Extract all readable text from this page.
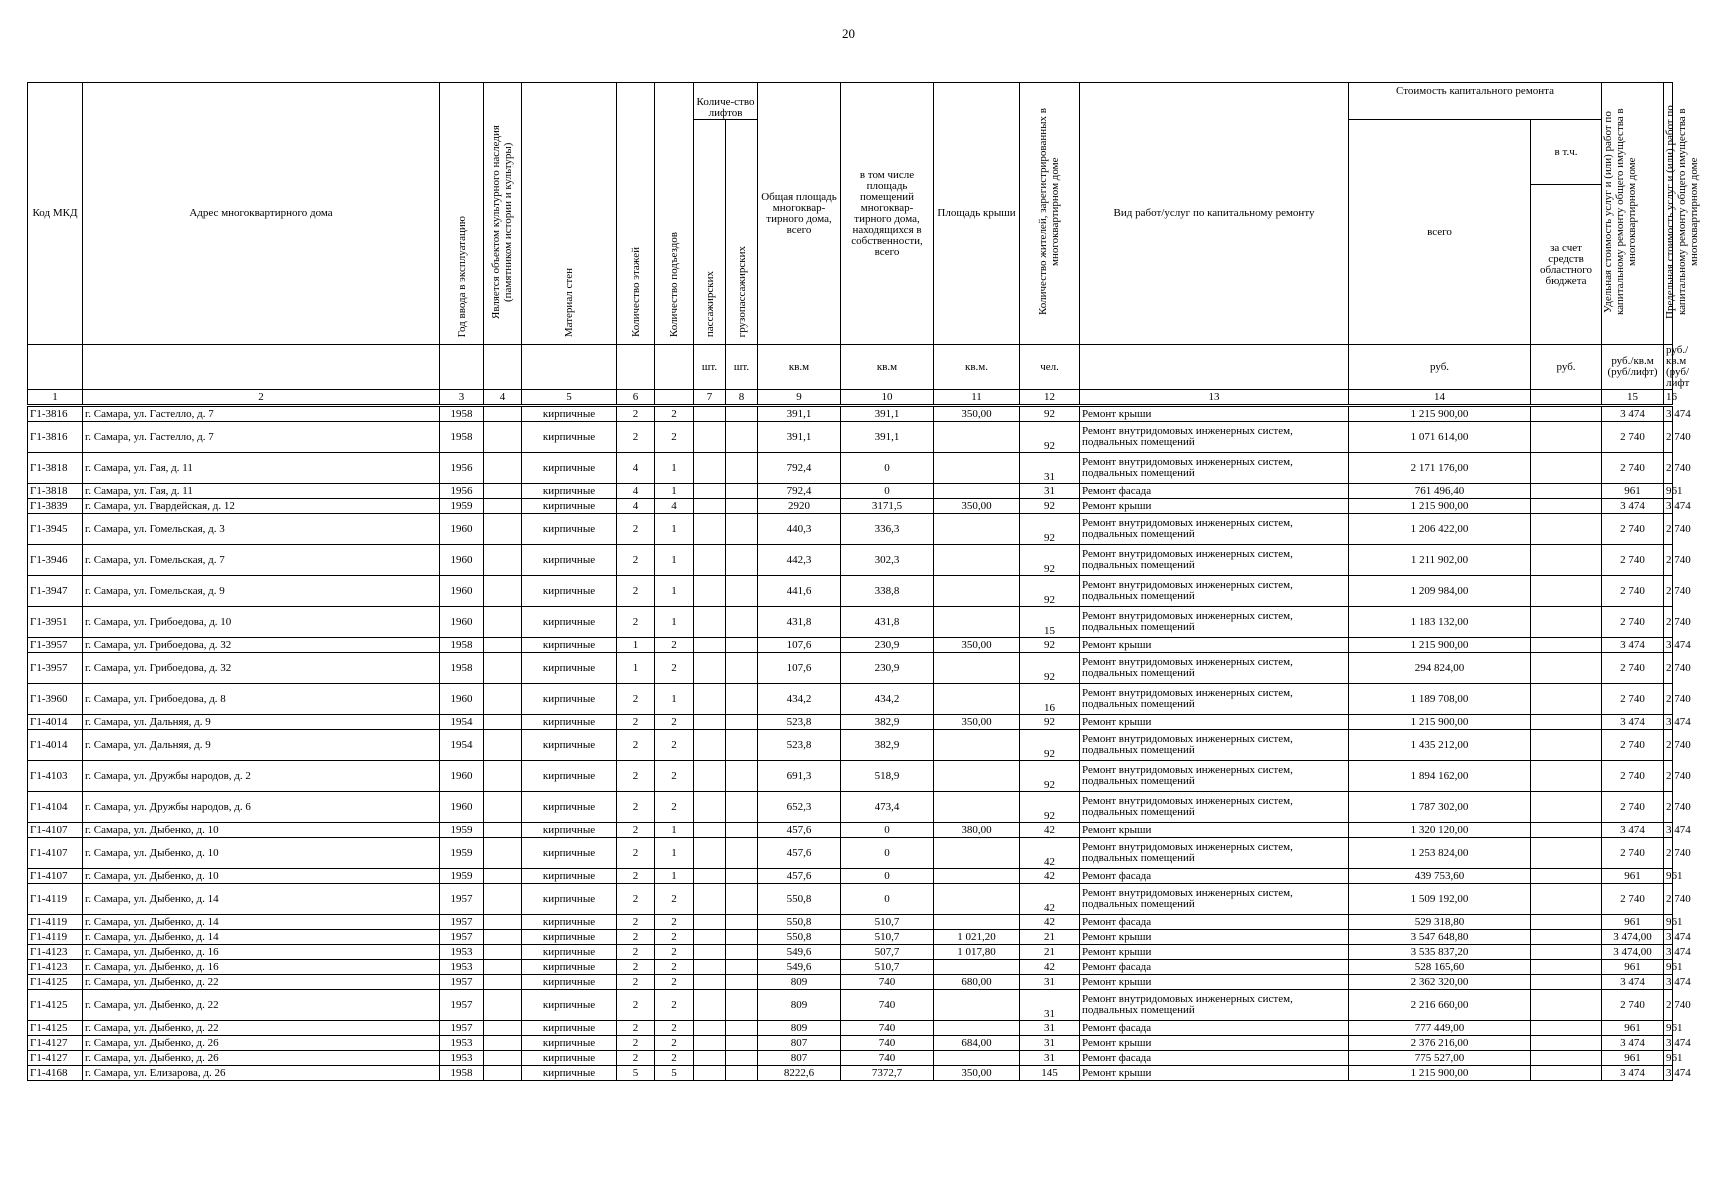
20
Код МКД	Адрес многоквартирного дома	Год ввода в эксплуатацию	Является объектом культурного наследия (памятником истории и культуры)	Материал стен	Количество этажей	Количество подъездов	Количе-ство лифтов		Общая площадь многоквар-тирного дома, всего	в том числе площадь помещений многоквар-тирного дома, находящихся в собственности, всего	Площадь крыши	Количество жителей, зарегистрированных в многоквартирном доме	Вид работ/услуг по капитальному ремонту	Стоимость капитального ремонта		Удельная стоимость услуг и (или) работ по капитальному ремонту общего имущества в многоквартирном доме	Предельная стоимость услуг и (или) работ по капитальному ремонту общего имущества в многоквартирном доме
							пассажирских	грузопассажирских						всего	в т.ч.		
															за счет средств областного бюджета		
							шт.	шт.	кв.м	кв.м	кв.м.	чел.		руб.	руб.	руб./кв.м (руб/лифт)	руб./кв.м (руб/лифт
1	2	3	4	5	6		7	8	9	10	11	12	13	14		15	16
Г1-3816	г. Самара, ул. Гастелло, д. 7	1958		кирпичные	2	2			391,1	391,1	350,00	92	Ремонт крыши	1 215 900,00		3 474	3 474
Г1-3816	г. Самара, ул. Гастелло, д. 7	1958		кирпичные	2	2			391,1	391,1		92	Ремонт внутридомовых инженерных систем, подвальных помещений	1 071 614,00		2 740	2 740
Г1-3818	г. Самара, ул. Гая, д. 11	1956		кирпичные	4	1			792,4	0		31	Ремонт внутридомовых инженерных систем, подвальных помещений	2 171 176,00		2 740	2 740
Г1-3818	г. Самара, ул. Гая, д. 11	1956		кирпичные	4	1			792,4	0		31	Ремонт фасада	761 496,40		961	961
Г1-3839	г. Самара, ул. Гвардейская, д. 12	1959		кирпичные	4	4			2920	3171,5	350,00	92	Ремонт крыши	1 215 900,00		3 474	3 474
Г1-3945	г. Самара, ул. Гомельская, д. 3	1960		кирпичные	2	1			440,3	336,3		92	Ремонт внутридомовых инженерных систем, подвальных помещений	1 206 422,00		2 740	2 740
Г1-3946	г. Самара, ул. Гомельская, д. 7	1960		кирпичные	2	1			442,3	302,3		92	Ремонт внутридомовых инженерных систем, подвальных помещений	1 211 902,00		2 740	2 740
Г1-3947	г. Самара, ул. Гомельская, д. 9	1960		кирпичные	2	1			441,6	338,8		92	Ремонт внутридомовых инженерных систем, подвальных помещений	1 209 984,00		2 740	2 740
Г1-3951	г. Самара, ул. Грибоедова, д. 10	1960		кирпичные	2	1			431,8	431,8		15	Ремонт внутридомовых инженерных систем, подвальных помещений	1 183 132,00		2 740	2 740
Г1-3957	г. Самара, ул. Грибоедова, д. 32	1958		кирпичные	1	2			107,6	230,9	350,00	92	Ремонт крыши	1 215 900,00		3 474	3 474
Г1-3957	г. Самара, ул. Грибоедова, д. 32	1958		кирпичные	1	2			107,6	230,9		92	Ремонт внутридомовых инженерных систем, подвальных помещений	294 824,00		2 740	2 740
Г1-3960	г. Самара, ул. Грибоедова, д. 8	1960		кирпичные	2	1			434,2	434,2		16	Ремонт внутридомовых инженерных систем, подвальных помещений	1 189 708,00		2 740	2 740
Г1-4014	г. Самара, ул. Дальняя, д. 9	1954		кирпичные	2	2			523,8	382,9	350,00	92	Ремонт крыши	1 215 900,00		3 474	3 474
Г1-4014	г. Самара, ул. Дальняя, д. 9	1954		кирпичные	2	2			523,8	382,9		92	Ремонт внутридомовых инженерных систем, подвальных помещений	1 435 212,00		2 740	2 740
Г1-4103	г. Самара, ул. Дружбы народов, д. 2	1960		кирпичные	2	2			691,3	518,9		92	Ремонт внутридомовых инженерных систем, подвальных помещений	1 894 162,00		2 740	2 740
Г1-4104	г. Самара, ул. Дружбы народов, д. 6	1960		кирпичные	2	2			652,3	473,4		92	Ремонт внутридомовых инженерных систем, подвальных помещений	1 787 302,00		2 740	2 740
Г1-4107	г. Самара, ул. Дыбенко, д. 10	1959		кирпичные	2	1			457,6	0	380,00	42	Ремонт крыши	1 320 120,00		3 474	3 474
Г1-4107	г. Самара, ул. Дыбенко, д. 10	1959		кирпичные	2	1			457,6	0		42	Ремонт внутридомовых инженерных систем, подвальных помещений	1 253 824,00		2 740	2 740
Г1-4107	г. Самара, ул. Дыбенко, д. 10	1959		кирпичные	2	1			457,6	0		42	Ремонт фасада	439 753,60		961	961
Г1-4119	г. Самара, ул. Дыбенко, д. 14	1957		кирпичные	2	2			550,8	0		42	Ремонт внутридомовых инженерных систем, подвальных помещений	1 509 192,00		2 740	2 740
Г1-4119	г. Самара, ул. Дыбенко, д. 14	1957		кирпичные	2	2			550,8	510,7		42	Ремонт фасада	529 318,80		961	961
Г1-4119	г. Самара, ул. Дыбенко, д. 14	1957		кирпичные	2	2			550,8	510,7	1 021,20	21	Ремонт крыши	3 547 648,80		3 474,00	3 474
Г1-4123	г. Самара, ул. Дыбенко, д. 16	1953		кирпичные	2	2			549,6	507,7	1 017,80	21	Ремонт крыши	3 535 837,20		3 474,00	3 474
Г1-4123	г. Самара, ул. Дыбенко, д. 16	1953		кирпичные	2	2			549,6	510,7		42	Ремонт фасада	528 165,60		961	961
Г1-4125	г. Самара, ул. Дыбенко, д. 22	1957		кирпичные	2	2			809	740	680,00	31	Ремонт крыши	2 362 320,00		3 474	3 474
Г1-4125	г. Самара, ул. Дыбенко, д. 22	1957		кирпичные	2	2			809	740		31	Ремонт внутридомовых инженерных систем, подвальных помещений	2 216 660,00		2 740	2 740
Г1-4125	г. Самара, ул. Дыбенко, д. 22	1957		кирпичные	2	2			809	740		31	Ремонт фасада	777 449,00		961	961
Г1-4127	г. Самара, ул. Дыбенко, д. 26	1953		кирпичные	2	2			807	740	684,00	31	Ремонт крыши	2 376 216,00		3 474	3 474
Г1-4127	г. Самара, ул. Дыбенко, д. 26	1953		кирпичные	2	2			807	740		31	Ремонт фасада	775 527,00		961	961
Г1-4168	г. Самара, ул. Елизарова, д. 26	1958		кирпичные	5	5			8222,6	7372,7	350,00	145	Ремонт крыши	1 215 900,00		3 474	3 474
